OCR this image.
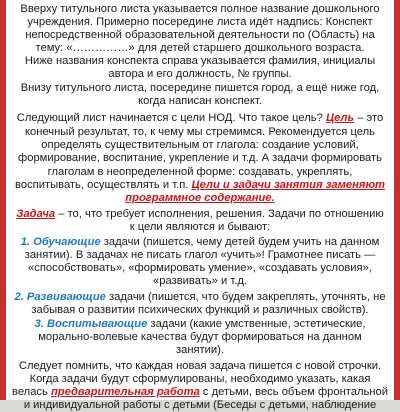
Вверху титульного листа указывается полное название дошкольного
учреждения. Примерно посередине листа идёт надпись: Конспект
непосредственной образовательной деятельности по (Область) на
тему: «……………» для детей старшего дошкольного возраста.
Ниже названия конспекта справа указывается фамилия, инициалы
автора и его должность, № группы.
Внизу титульного листа, посередине пишется город, а ещё ниже год,
когда написан конспект.
Следующий лист начинается с цели НОД. Что такое цель? Цель – это
конечный результат, то, к чему мы стремимся. Рекомендуется цель
определять существительным от глагола: создание условий,
формирование, воспитание, укрепление и т.д. А задачи формировать
глаголам в неопределенной форме: создавать, укреплять,
воспитывать, осуществлять и т.п. Цели и задачи занятия заменяют
программное содержание.
Задача – то, что требует исполнения, решения. Задачи по отношению
к цели являются и бывают:
1. Обучающие задачи (пишется, чему детей будем учить на данном
занятии). В задачах не писать глагол «учить»! Грамотнее писать —
«способствовать», «формировать умение», «создавать условия»,
«развивать» и т.д.
2. Развивающие задачи (пишется, что будем закреплять, уточнять, не
забывая о развитии психических функций и различных свойств).
3. Воспитывающие задачи (какие умственные, эстетические,
морально-волевые качества будут формироваться на данном
занятии).
Следует помнить, что каждая новая задача пишется с новой строчки.
Когда задачи будут сформулированы, необходимо указать, какая
велась предварительная работа с детьми, весь объем фронтальной
и индивидуальной работы с детьми (Беседы с детьми, наблюдение
